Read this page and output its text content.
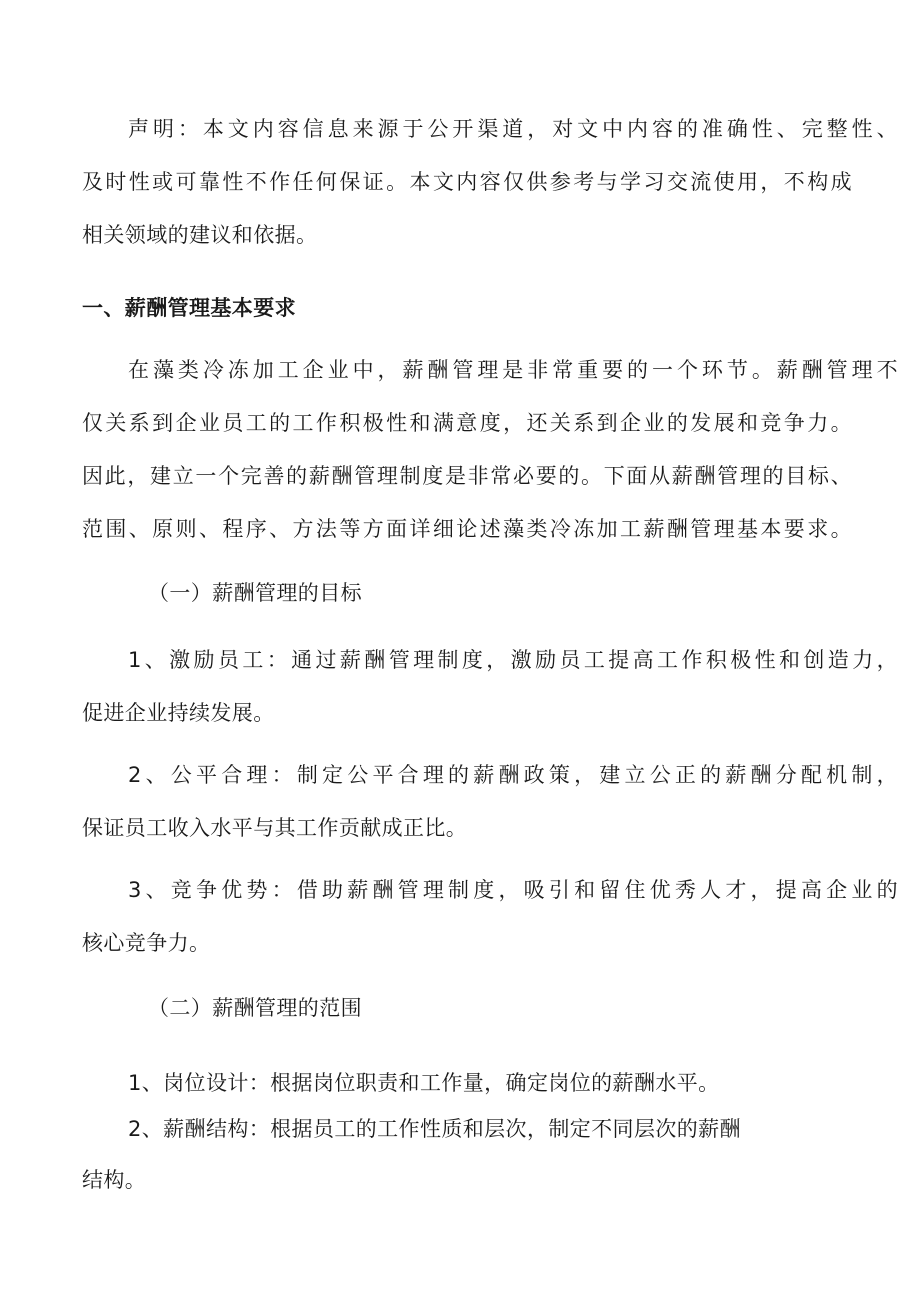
声明：本文内容信息来源于公开渠道，对文中内容的准确性、完整性、
及时性或可靠性不作任何保证。本文内容仅供参考与学习交流使用，不构成
相关领域的建议和依据。
一、薪酬管理基本要求
在藻类冷冻加工企业中，薪酬管理是非常重要的一个环节。薪酬管理不
仅关系到企业员工的工作积极性和满意度，还关系到企业的发展和竞争力。
因此，建立一个完善的薪酬管理制度是非常必要的。下面从薪酬管理的目标、
范围、原则、程序、方法等方面详细论述藻类冷冻加工薪酬管理基本要求。
（一）薪酬管理的目标
1、激励员工：通过薪酬管理制度，激励员工提高工作积极性和创造力，
促进企业持续发展。
2、公平合理：制定公平合理的薪酬政策，建立公正的薪酬分配机制，
保证员工收入水平与其工作贡献成正比。
3、竞争优势：借助薪酬管理制度，吸引和留住优秀人才，提高企业的
核心竞争力。
（二）薪酬管理的范围
1、岗位设计：根据岗位职责和工作量，确定岗位的薪酬水平。
2、薪酬结构：根据员工的工作性质和层次，制定不同层次的薪酬
结构。
